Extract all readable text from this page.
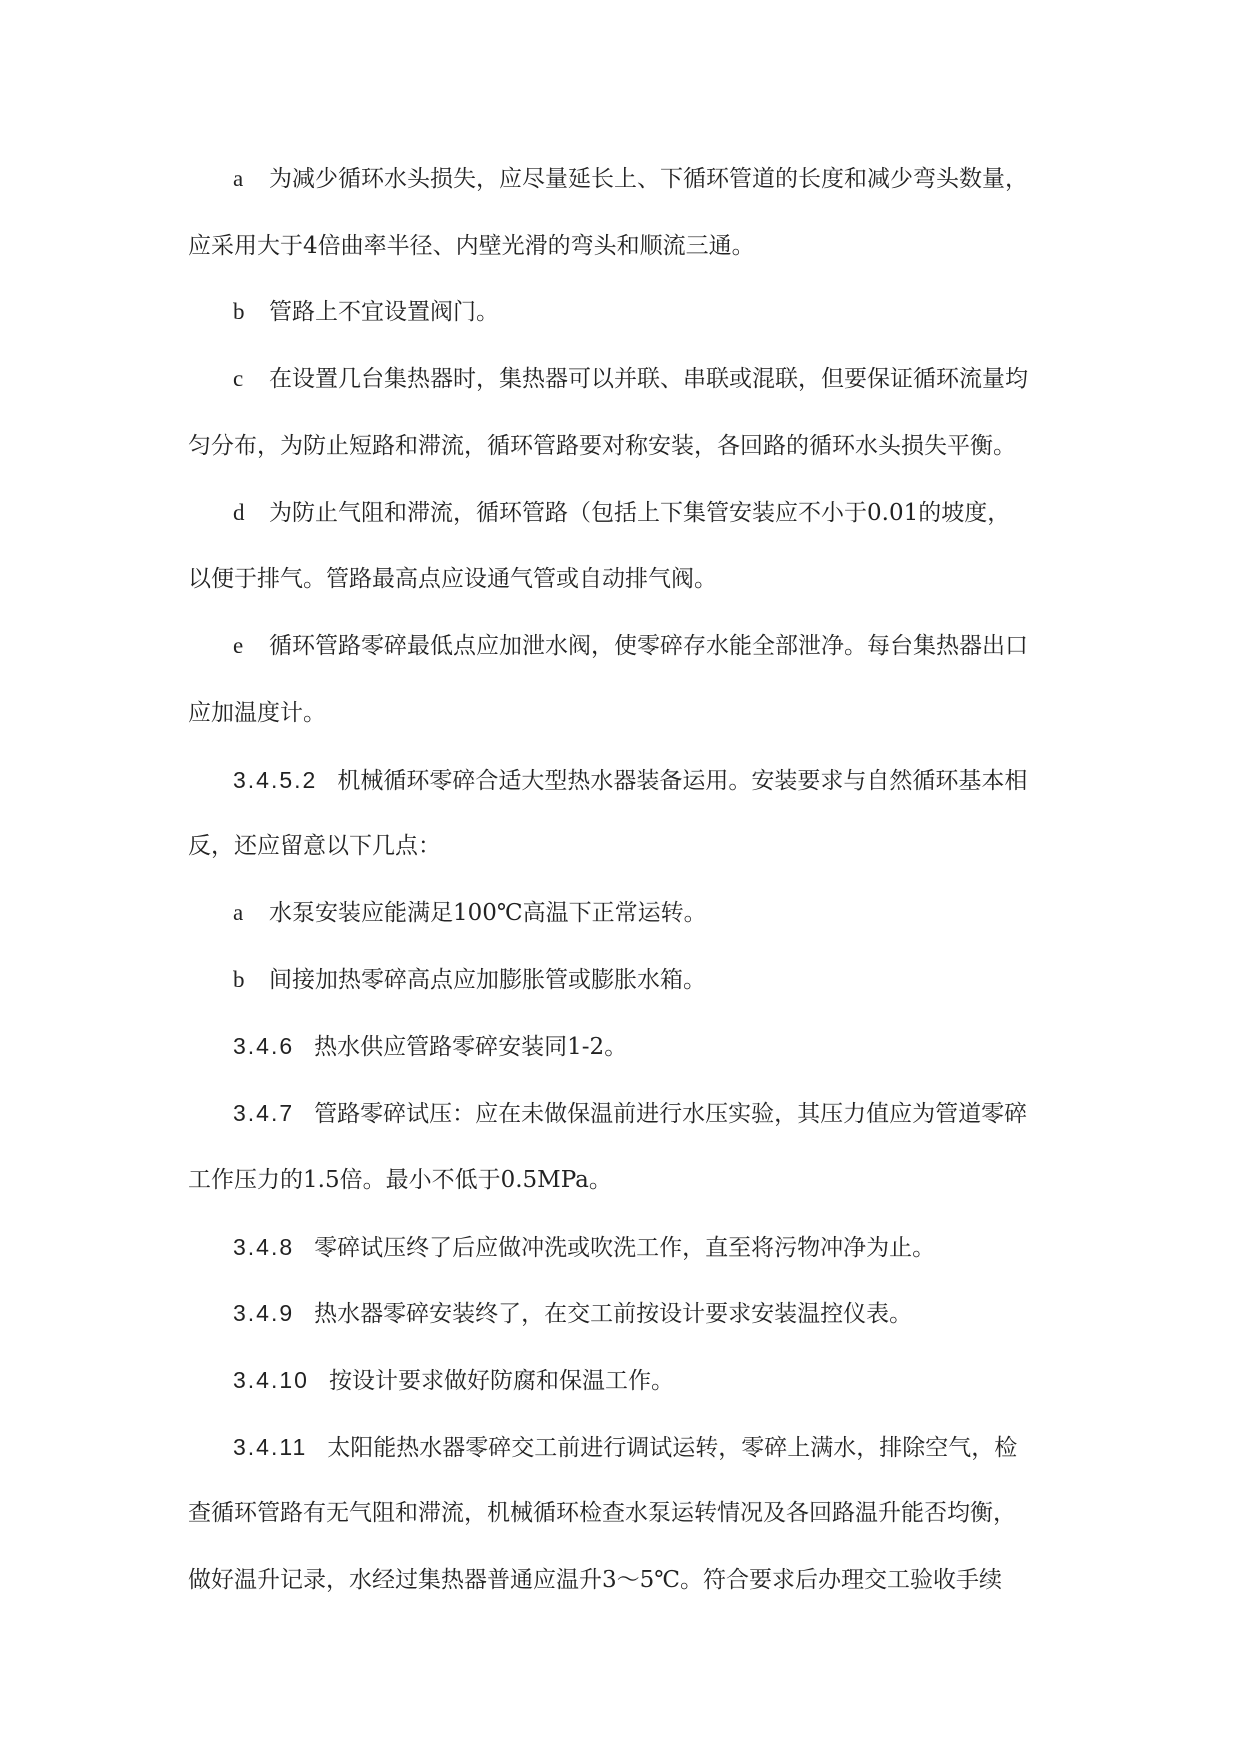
a 为减少循环水头损失，应尽量延长上、下循环管道的长度和减少弯头数量，
应采用大于4倍曲率半径、内壁光滑的弯头和顺流三通。
b 管路上不宜设置阀门。
c 在设置几台集热器时，集热器可以并联、串联或混联，但要保证循环流量均
匀分布，为防止短路和滞流，循环管路要对称安装，各回路的循环水头损失平衡。
d 为防止气阻和滞流，循环管路（包括上下集管安装应不小于0.01的坡度，
以便于排气。管路最高点应设通气管或自动排气阀。
e 循环管路零碎最低点应加泄水阀，使零碎存水能全部泄净。每台集热器出口
应加温度计。
3.4.5.2 机械循环零碎合适大型热水器装备运用。安装要求与自然循环基本相
反，还应留意以下几点：
a 水泵安装应能满足100℃高温下正常运转。
b 间接加热零碎高点应加膨胀管或膨胀水箱。
3.4.6 热水供应管路零碎安装同1-2。
3.4.7 管路零碎试压：应在未做保温前进行水压实验，其压力值应为管道零碎
工作压力的1.5倍。最小不低于0.5MPa。
3.4.8 零碎试压终了后应做冲洗或吹洗工作，直至将污物冲净为止。
3.4.9 热水器零碎安装终了，在交工前按设计要求安装温控仪表。
3.4.10 按设计要求做好防腐和保温工作。
3.4.11 太阳能热水器零碎交工前进行调试运转，零碎上满水，排除空气，检
查循环管路有无气阻和滞流，机械循环检查水泵运转情况及各回路温升能否均衡，
做好温升记录，水经过集热器普通应温升3～5℃。符合要求后办理交工验收手续
